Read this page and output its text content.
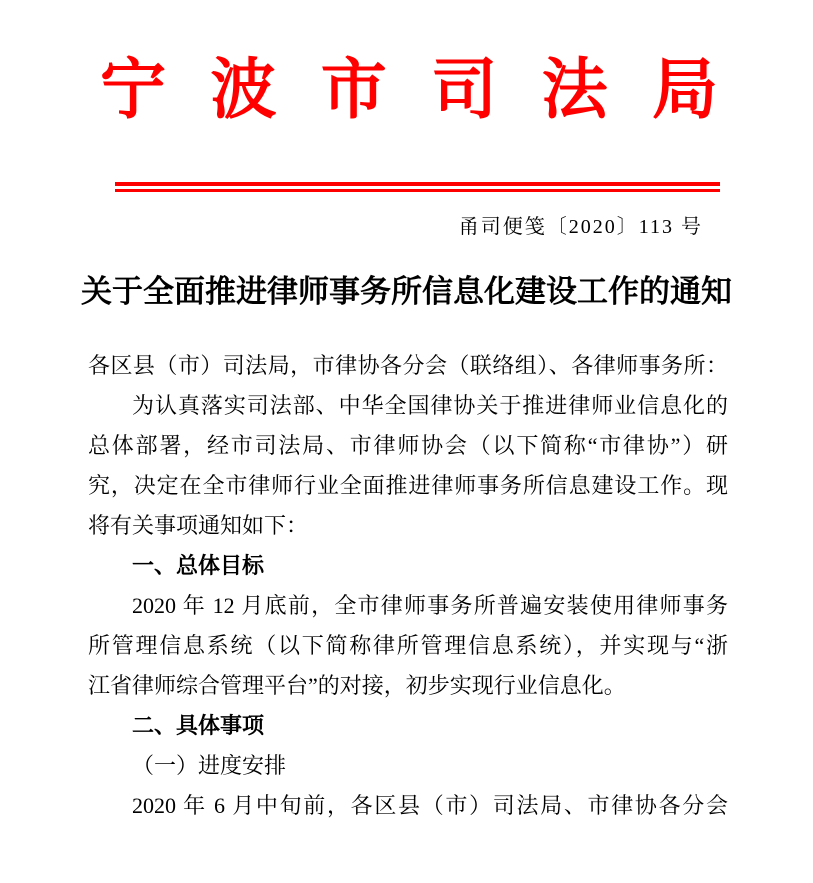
宁 波 市 司 法 局
甬司便笺〔2020〕113 号
关于全面推进律师事务所信息化建设工作的通知
各区县（市）司法局，市律协各分会（联络组）、各律师事务所：
为认真落实司法部、中华全国律协关于推进律师业信息化的
总体部署，经市司法局、市律师协会（以下简称“市律协”）研
究，决定在全市律师行业全面推进律师事务所信息建设工作。现
将有关事项通知如下：
一、总体目标
2020 年 12 月底前，全市律师事务所普遍安装使用律师事务
所管理信息系统（以下简称律所管理信息系统），并实现与“浙
江省律师综合管理平台”的对接，初步实现行业信息化。
二、具体事项
（一）进度安排
2020 年 6 月中旬前，各区县（市）司法局、市律协各分会
